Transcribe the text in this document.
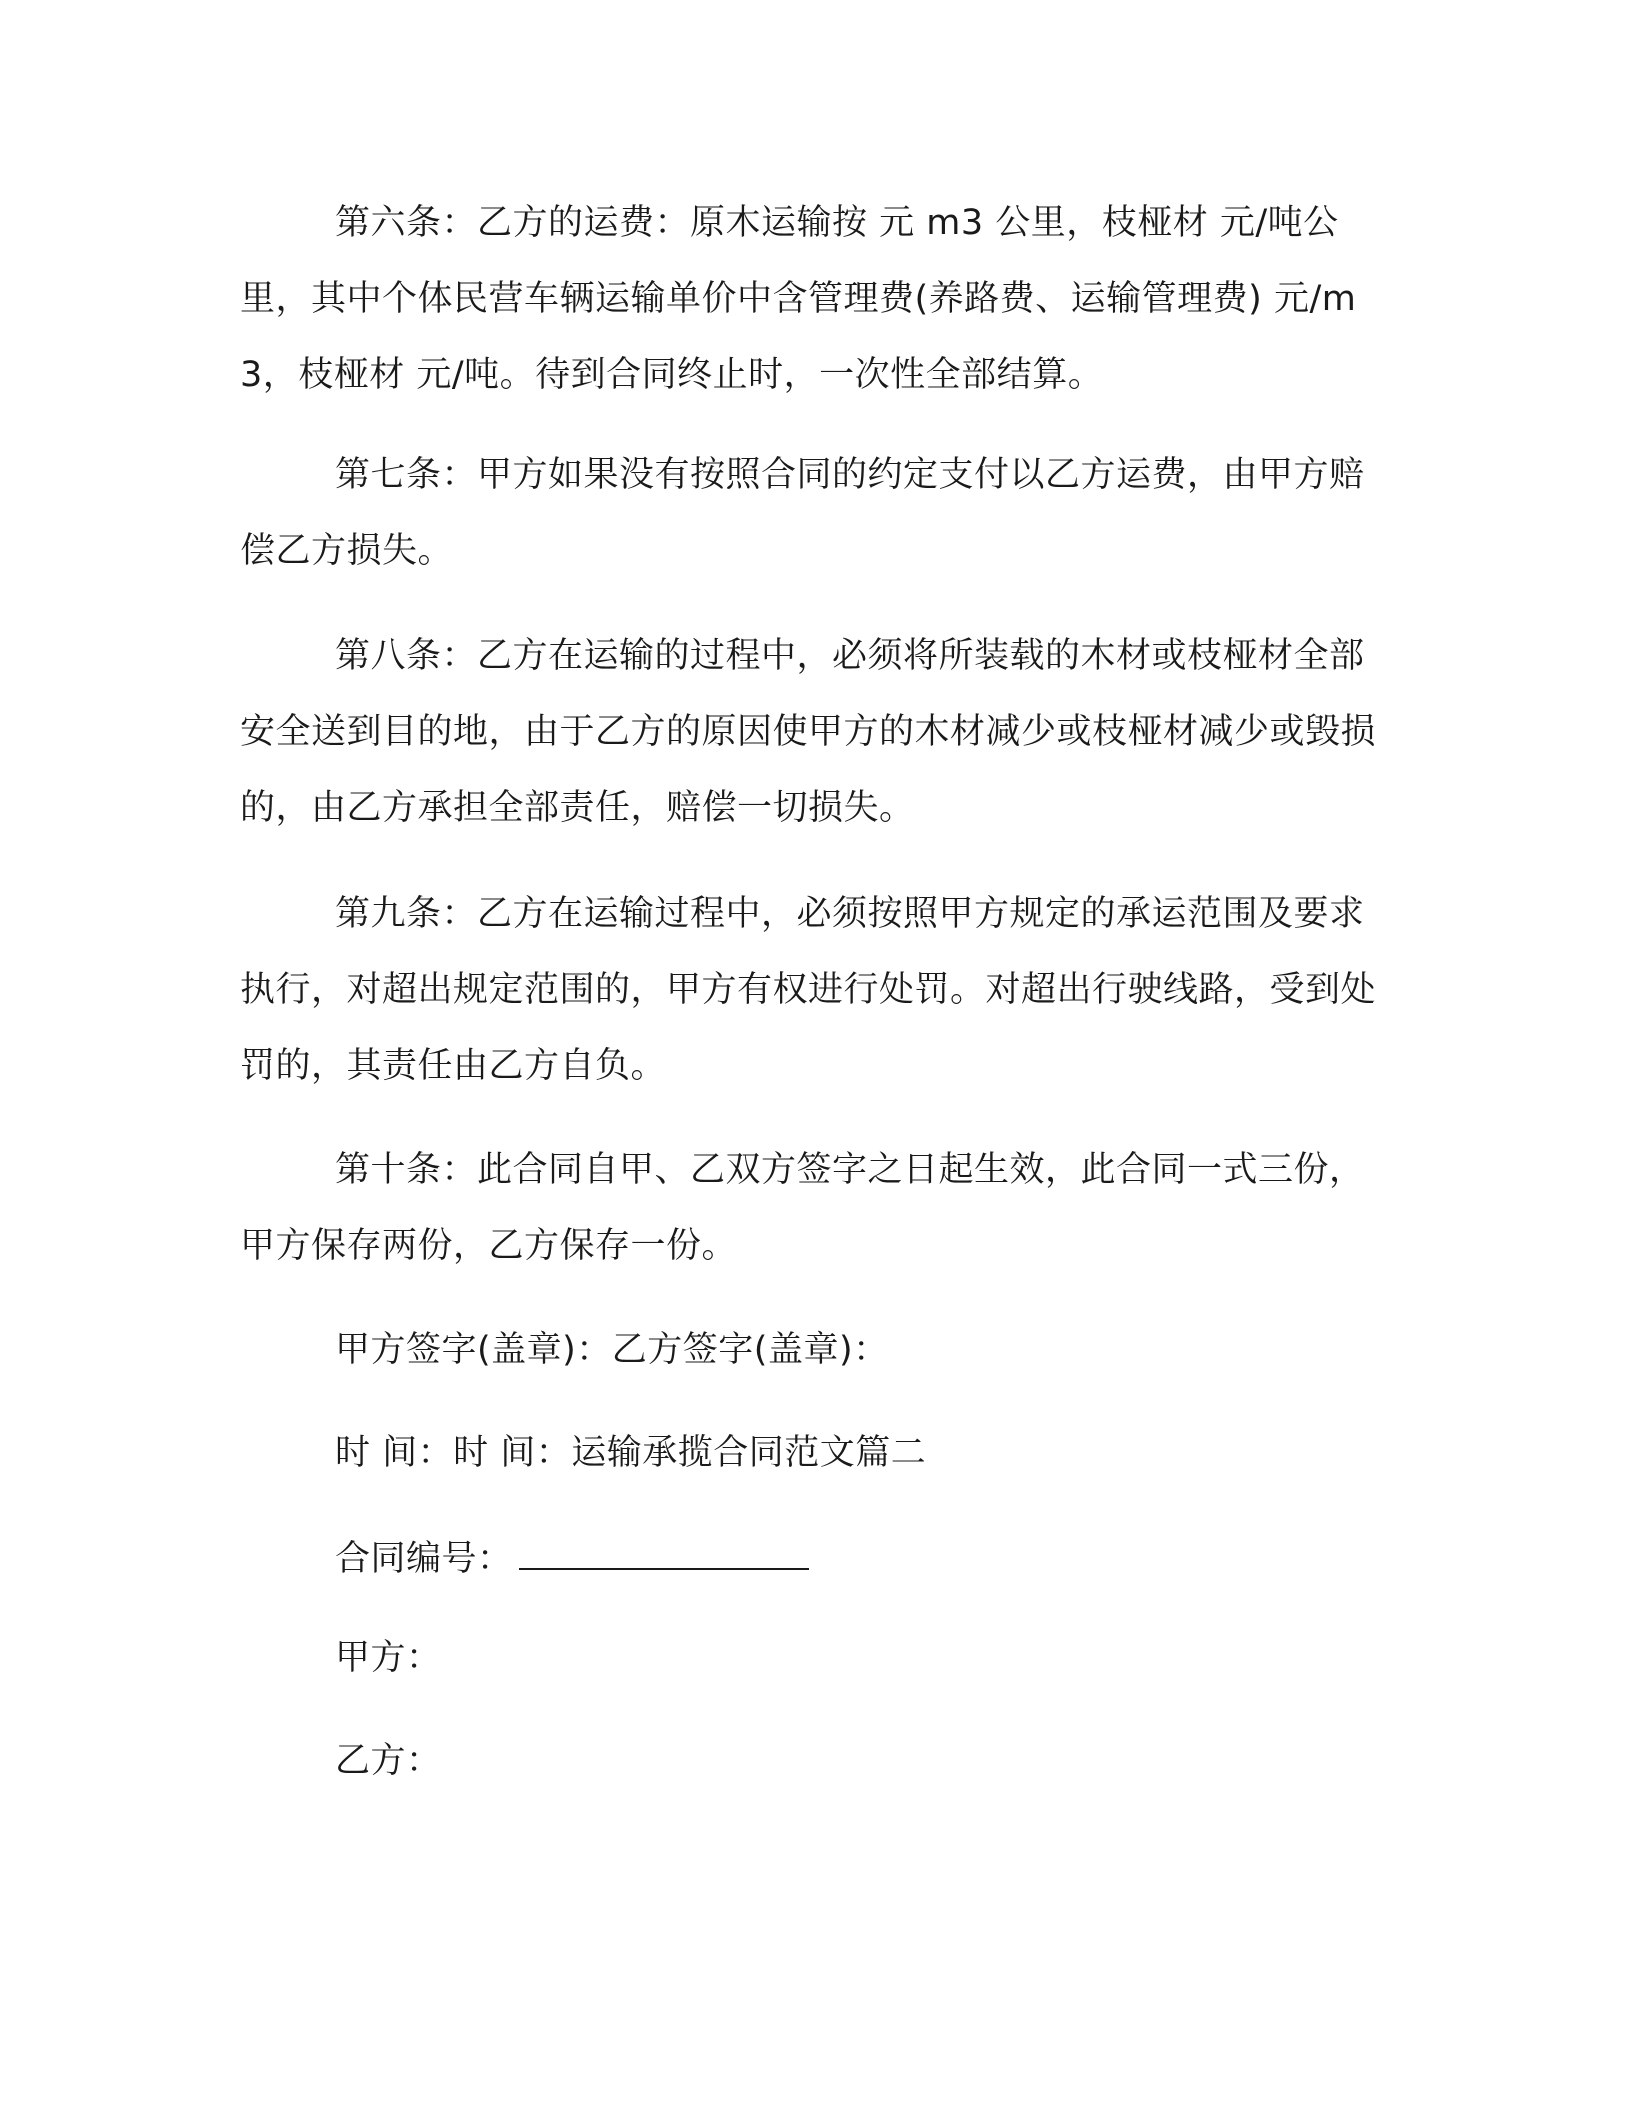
第六条：乙方的运费：原木运输按 元 m3 公里，枝桠材 元/吨公里，其中个体民营车辆运输单价中含管理费(养路费、运输管理费) 元/m3，枝桠材 元/吨。待到合同终止时，一次性全部结算。

第七条：甲方如果没有按照合同的约定支付以乙方运费，由甲方赔偿乙方损失。

第八条：乙方在运输的过程中，必须将所装载的木材或枝桠材全部安全送到目的地，由于乙方的原因使甲方的木材减少或枝桠材减少或毁损的，由乙方承担全部责任，赔偿一切损失。

第九条：乙方在运输过程中，必须按照甲方规定的承运范围及要求执行，对超出规定范围的，甲方有权进行处罚。对超出行驶线路，受到处罚的，其责任由乙方自负。

第十条：此合同自甲、乙双方签字之日起生效，此合同一式三份，甲方保存两份，乙方保存一份。

甲方签字(盖章)：乙方签字(盖章)：

时 间：时 间：运输承揽合同范文篇二

合同编号：

甲方：

乙方：
